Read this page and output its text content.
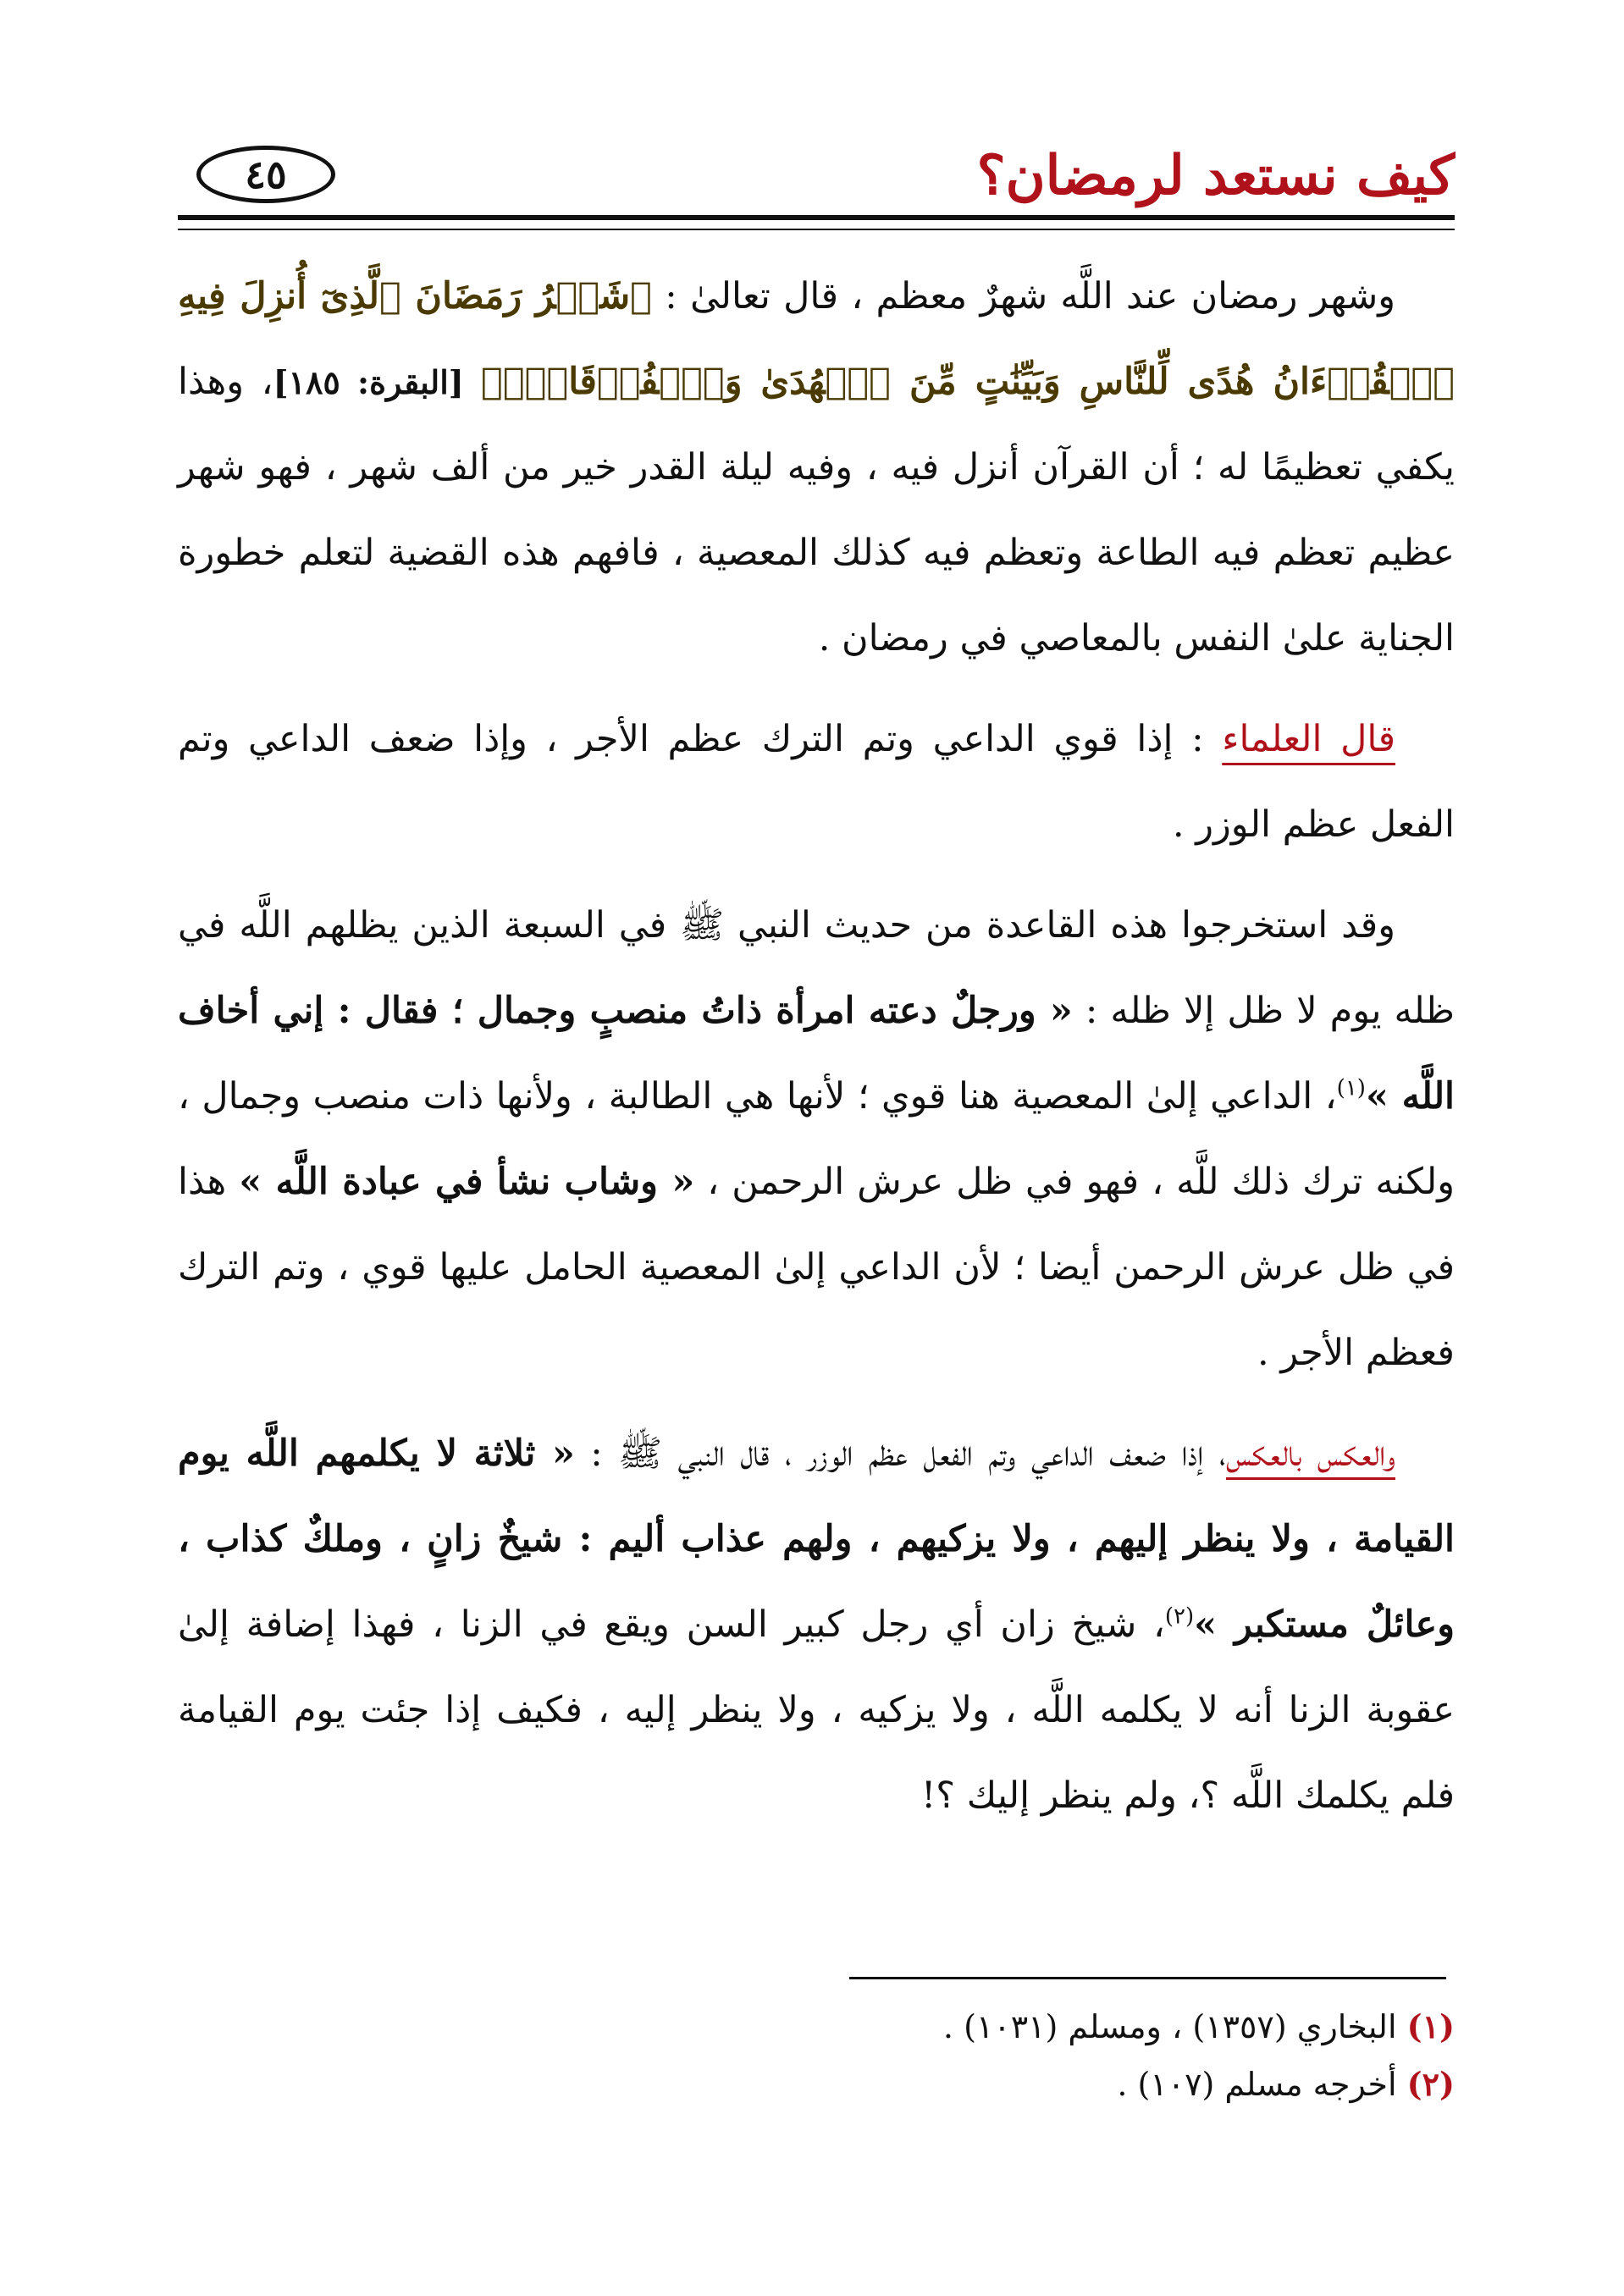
كيف نستعد لرمضان؟
٤٥

وشهر رمضان عند اللَّه شهرٌ معظم ، قال تعالىٰ : ﴿شَهۡرُ رَمَضَانَ ٱلَّذِىٓ أُنزِلَ فِيهِ ٱلۡقُرۡءَانُ هُدًى لِّلنَّاسِ وَبَيِّنَٰتٍ مِّنَ ٱلۡهُدَىٰ وَٱلۡفُرۡقَانِۚ﴾ [البقرة: ١٨٥]، وهذا يكفي تعظيمًا له ؛ أن القرآن أنزل فيه ، وفيه ليلة القدر خير من ألف شهر ، فهو شهر عظيم تعظم فيه الطاعة وتعظم فيه كذلك المعصية ، فافهم هذه القضية لتعلم خطورة الجناية علىٰ النفس بالمعاصي في رمضان .

قال العلماء : إذا قوي الداعي وتم الترك عظم الأجر ، وإذا ضعف الداعي وتم الفعل عظم الوزر .

وقد استخرجوا هذه القاعدة من حديث النبي ﷺ في السبعة الذين يظلهم اللَّه في ظله يوم لا ظل إلا ظله : « ورجلٌ دعته امرأة ذاتُ منصبٍ وجمال ؛ فقال : إني أخاف اللَّه »$^{(١)}$، الداعي إلىٰ المعصية هنا قوي ؛ لأنها هي الطالبة ، ولأنها ذات منصب وجمال ، ولكنه ترك ذلك للَّه ، فهو في ظل عرش الرحمن ، « وشاب نشأ في عبادة اللَّه » هذا في ظل عرش الرحمن أيضا ؛ لأن الداعي إلىٰ المعصية الحامل عليها قوي ، وتم الترك فعظم الأجر .

والعكس بالعكس، إذا ضعف الداعي وتم الفعل عظم الوزر ، قال النبي ﷺ : « ثلاثة لا يكلمهم اللَّه يوم القيامة ، ولا ينظر إليهم ، ولا يزكيهم ، ولهم عذاب أليم : شيخٌ زانٍ ، وملكٌ كذاب ، وعائلٌ مستكبر »$^{(٢)}$، شيخ زان أي رجل كبير السن ويقع في الزنا ، فهذا إضافة إلىٰ عقوبة الزنا أنه لا يكلمه اللَّه ، ولا يزكيه ، ولا ينظر إليه ، فكيف إذا جئت يوم القيامة فلم يكلمك اللَّه ؟، ولم ينظر إليك ؟!

(١) البخاري (١٣٥٧) ، ومسلم (١٠٣١) .

(٢) أخرجه مسلم (١٠٧) .
